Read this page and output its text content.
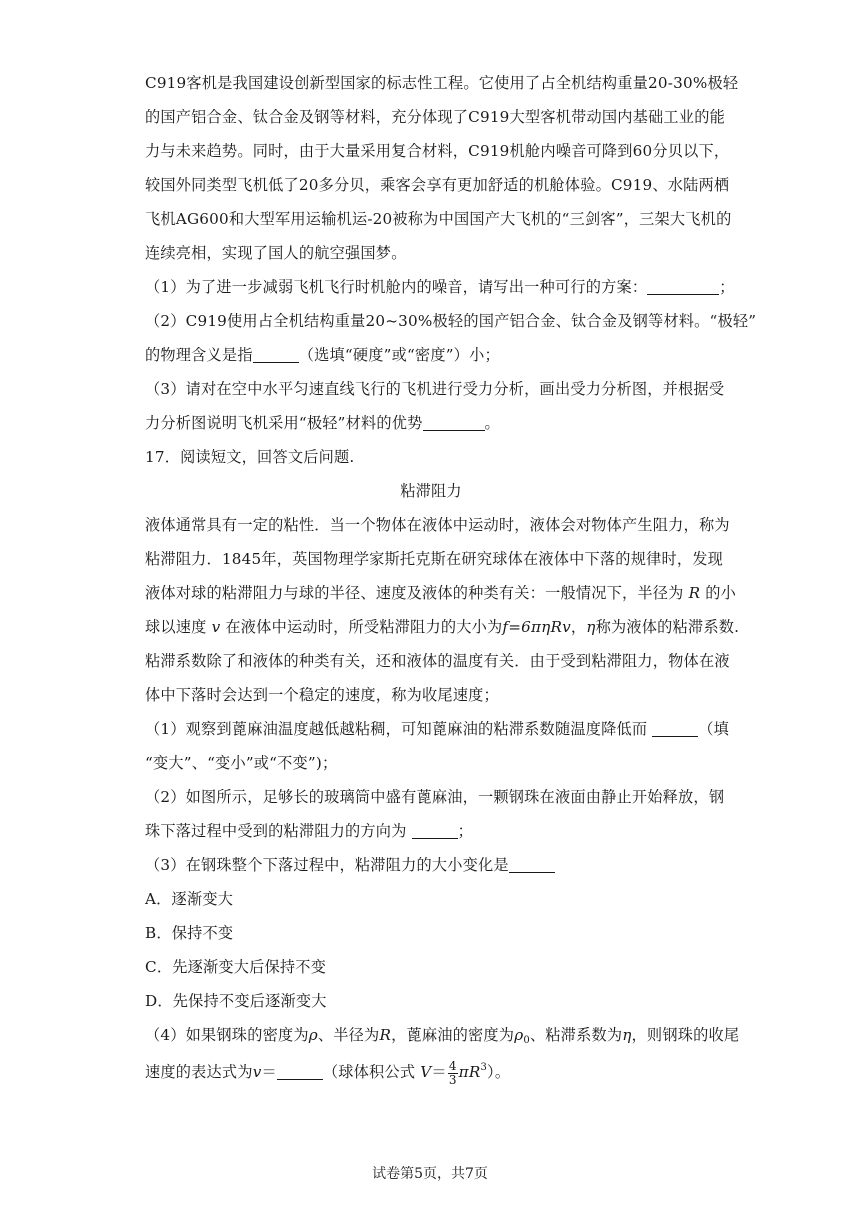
C919客机是我国建设创新型国家的标志性工程。它使用了占全机结构重量20-30%极轻
的国产铝合金、钛合金及钢等材料，充分体现了C919大型客机带动国内基础工业的能
力与未来趋势。同时，由于大量采用复合材料，C919机舱内噪音可降到60分贝以下，
较国外同类型飞机低了20多分贝，乘客会享有更加舒适的机舱体验。C919、水陆两栖
飞机AG600和大型军用运输机运-20被称为中国国产大飞机的“三剑客”，三架大飞机的
连续亮相，实现了国人的航空强国梦。
（1）为了进一步减弱飞机飞行时机舱内的噪音，请写出一种可行的方案：	；
（2）C919使用占全机结构重量20~30%极轻的国产铝合金、钛合金及钢等材料。“极轻”
的物理含义是指	（选填“硬度”或“密度”）小；
（3）请对在空中水平匀速直线飞行的飞机进行受力分析，画出受力分析图，并根据受
力分析图说明飞机采用“极轻”材料的优势	。
17．阅读短文，回答文后问题.
粘滞阻力
液体通常具有一定的粘性．当一个物体在液体中运动时，液体会对物体产生阻力，称为
粘滞阻力．1845年，英国物理学家斯托克斯在研究球体在液体中下落的规律时，发现
液体对球的粘滞阻力与球的半径、速度及液体的种类有关：一般情况下，半径为 R 的小
球以速度 v 在液体中运动时，所受粘滞阻力的大小为f=6πηRv，η称为液体的粘滞系数.
粘滞系数除了和液体的种类有关，还和液体的温度有关．由于受到粘滞阻力，物体在液
体中下落时会达到一个稳定的速度，称为收尾速度；
（1）观察到蓖麻油温度越低越粘稠，可知蓖麻油的粘滞系数随温度降低而	（填
“变大”、“变小”或“不变”)；
（2）如图所示，足够长的玻璃筒中盛有蓖麻油，一颗钢珠在液面由静止开始释放，钢
珠下落过程中受到的粘滞阻力的方向为	；
（3）在钢珠整个下落过程中，粘滞阻力的大小变化是
A．逐渐变大
B．保持不变
C．先逐渐变大后保持不变
D．先保持不变后逐渐变大
（4）如果钢珠的密度为ρ、半径为R，蓖麻油的密度为$\rho_0$、粘滞系数为η，则钢珠的收尾
速度的表达式为v＝	（球体积公式 $V= \frac{4}{3} \pi R^3$）。
试卷第5页，共7页
